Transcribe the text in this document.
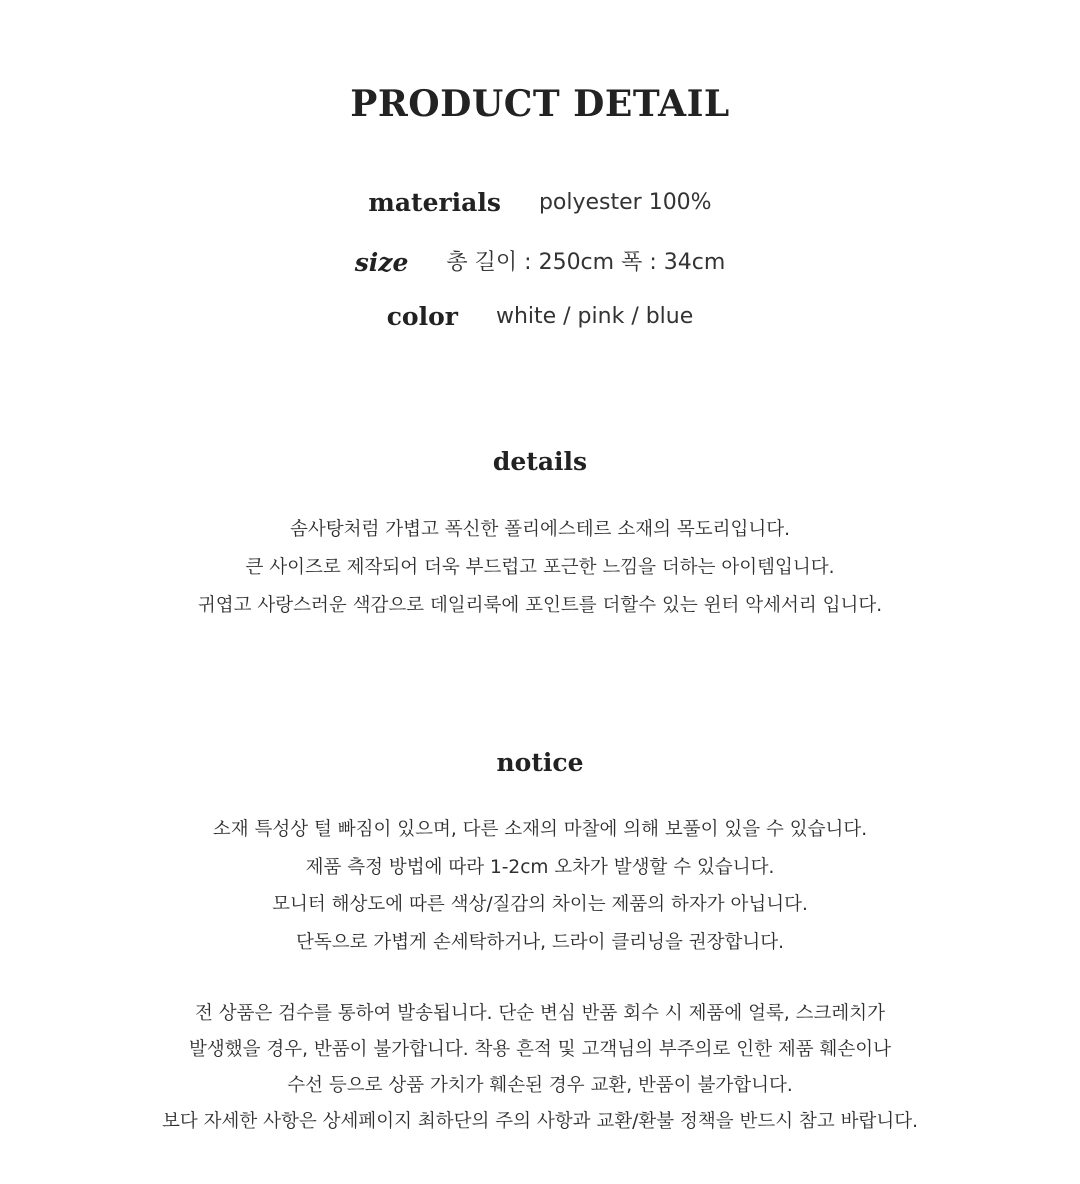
PRODUCT DETAIL
materials polyester 100%
size 총 길이 : 250cm 폭 : 34cm
color white / pink / blue
details
솜사탕처럼 가볍고 폭신한 폴리에스테르 소재의 목도리입니다.
큰 사이즈로 제작되어 더욱 부드럽고 포근한 느낌을 더하는 아이템입니다.
귀엽고 사랑스러운 색감으로 데일리룩에 포인트를 더할수 있는 윈터 악세서리 입니다.
notice
소재 특성상 털 빠짐이 있으며, 다른 소재의 마찰에 의해 보풀이 있을 수 있습니다.
제품 측정 방법에 따라 1-2cm 오차가 발생할 수 있습니다.
모니터 해상도에 따른 색상/질감의 차이는 제품의 하자가 아닙니다.
단독으로 가볍게 손세탁하거나, 드라이 클리닝을 권장합니다.
전 상품은 검수를 통하여 발송됩니다. 단순 변심 반품 회수 시 제품에 얼룩, 스크레치가
발생했을 경우, 반품이 불가합니다. 착용 흔적 및 고객님의 부주의로 인한 제품 훼손이나
수선 등으로 상품 가치가 훼손된 경우 교환, 반품이 불가합니다.
보다 자세한 사항은 상세페이지 최하단의 주의 사항과 교환/환불 정책을 반드시 참고 바랍니다.
